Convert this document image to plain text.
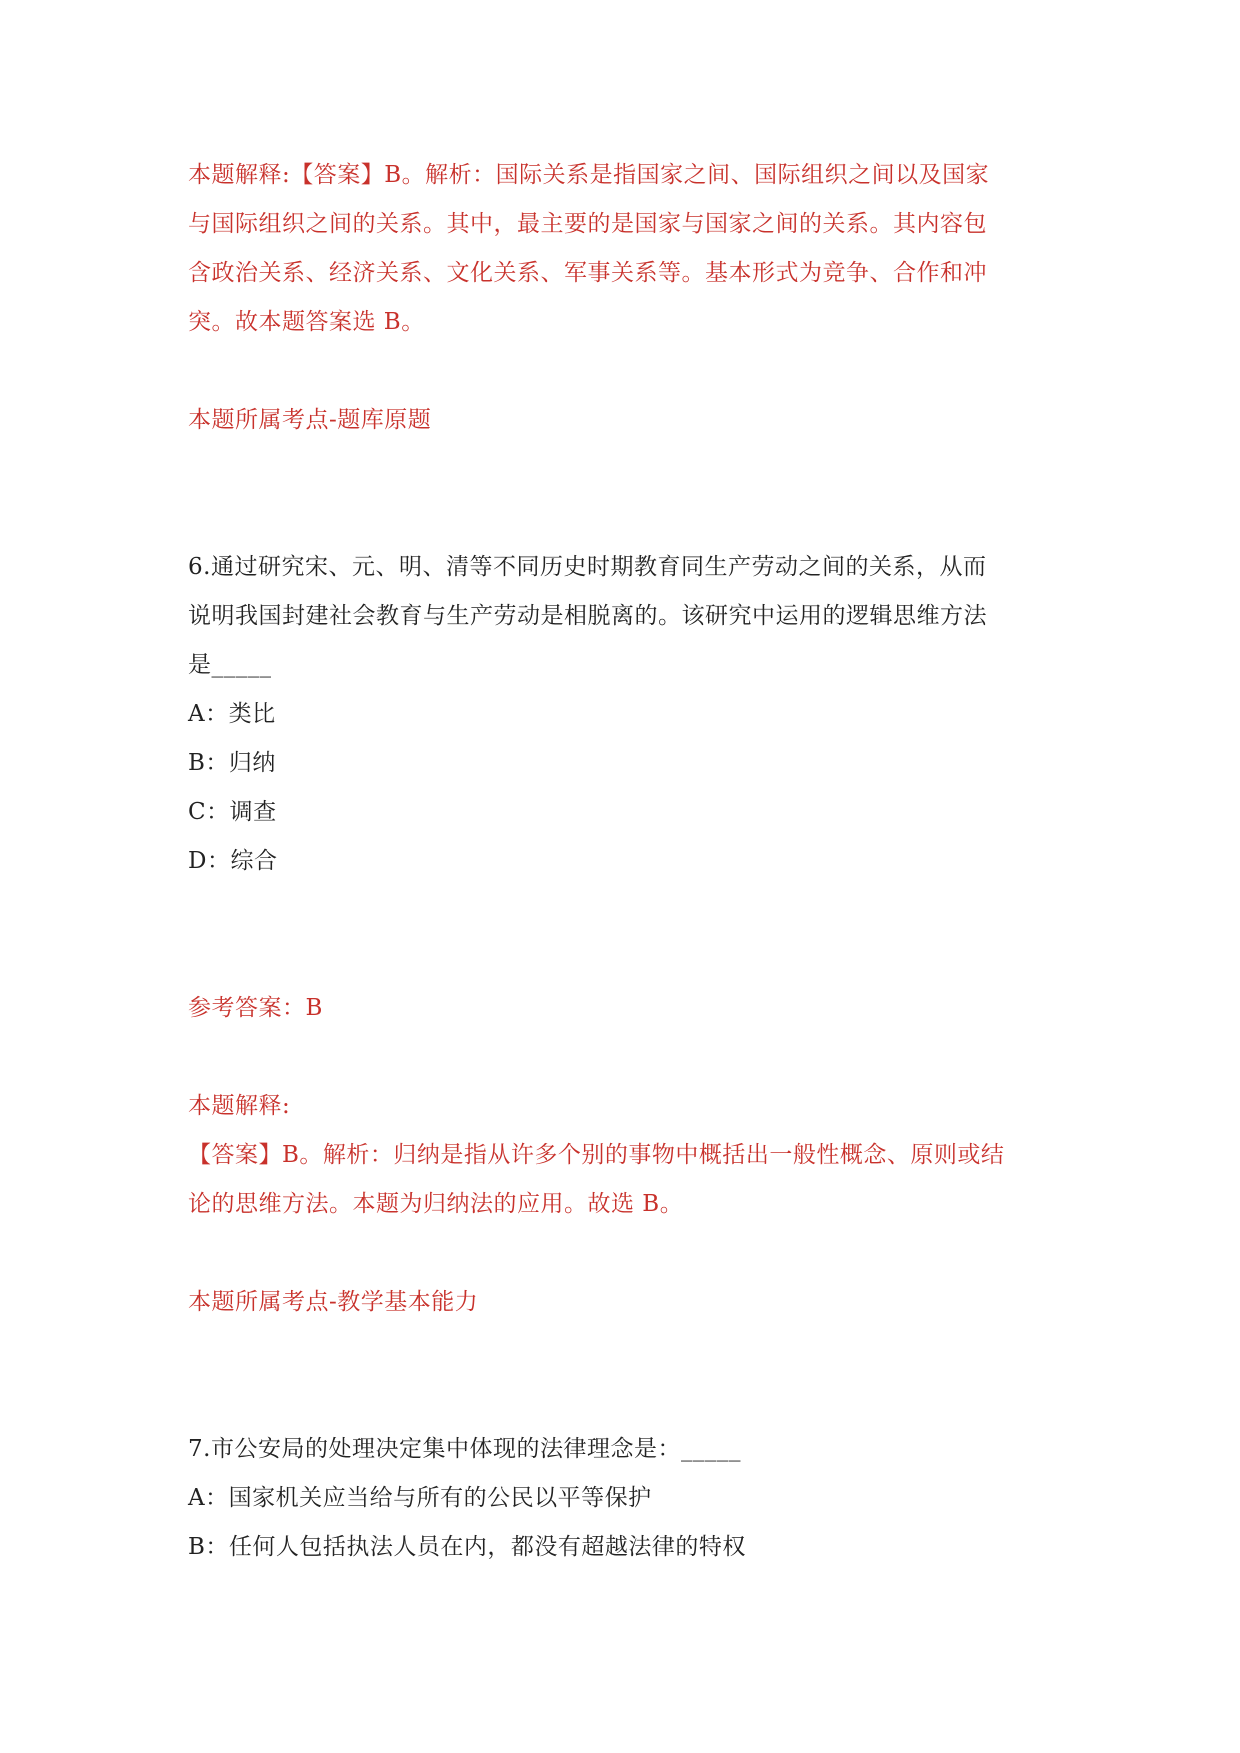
本题解释:【答案】B。解析：国际关系是指国家之间、国际组织之间以及国家
与国际组织之间的关系。其中，最主要的是国家与国家之间的关系。其内容包
含政治关系、经济关系、文化关系、军事关系等。基本形式为竞争、合作和冲
突。故本题答案选 B。
本题所属考点-题库原题
6.通过研究宋、元、明、清等不同历史时期教育同生产劳动之间的关系，从而
说明我国封建社会教育与生产劳动是相脱离的。该研究中运用的逻辑思维方法
是_____
A：类比
B：归纳
C：调查
D：综合
参考答案：B
本题解释:
【答案】B。解析：归纳是指从许多个别的事物中概括出一般性概念、原则或结
论的思维方法。本题为归纳法的应用。故选 B。
本题所属考点-教学基本能力
7.市公安局的处理决定集中体现的法律理念是：_____
A：国家机关应当给与所有的公民以平等保护
B：任何人包括执法人员在内，都没有超越法律的特权
